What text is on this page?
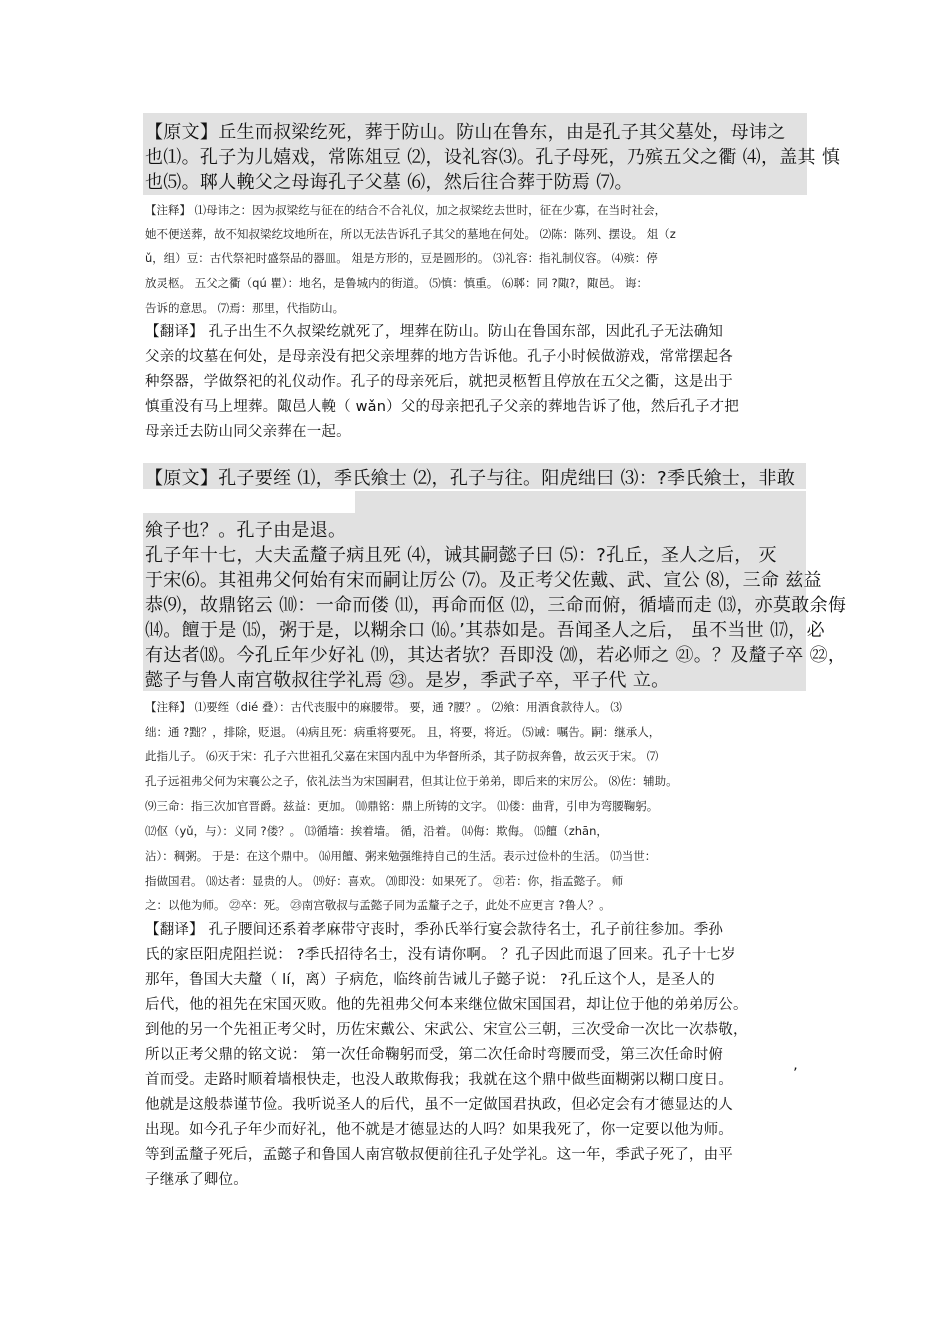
【原文】丘生而叔梁纥死，葬于防山。防山在鲁东，由是孔子其父墓处，母讳之
也⑴。孔子为儿嬉戏，常陈俎豆 ⑵，设礼容⑶。孔子母死，乃殡五父之衢 ⑷，盖其 慎
也⑸。郰人輓父之母诲孔子父墓 ⑹，然后往合葬于防焉 ⑺。
【注释】 ⑴母讳之：因为叔梁纥与征在的结合不合礼仪，加之叔梁纥去世时，征在少寡，在当时社会，
她不便送葬，故不知叔梁纥坟地所在，所以无法告诉孔子其父的墓地在何处。 ⑵陈：陈列、摆设。 俎（z
ǔ，组）豆：古代祭祀时盛祭品的器皿。 俎是方形的，豆是圆形的。 ⑶礼容：指礼制仪容。 ⑷殡：停
放灵柩。 五父之衢（qú 瞿）：地名，是鲁城内的街道。 ⑸慎：慎重。 ⑹郰：同 ?陬?，陬邑。 诲：
告诉的意思。 ⑺焉：那里，代指防山。
【翻译】 孔子出生不久叔梁纥就死了，埋葬在防山。防山在鲁国东部，因此孔子无法确知
父亲的坟墓在何处，是母亲没有把父亲埋葬的地方告诉他。孔子小时候做游戏，常常摆起各
种祭器，学做祭祀的礼仪动作。孔子的母亲死后，就把灵柩暂且停放在五父之衢，这是出于
慎重没有马上埋葬。陬邑人輓（ wǎn）父的母亲把孔子父亲的葬地告诉了他，然后孔子才把
母亲迁去防山同父亲葬在一起。
【原文】孔子要绖 ⑴，季氏飨士 ⑵，孔子与往。阳虎绌曰 ⑶：?季氏飨士，非敢
飨子也？。孔子由是退。
孔子年十七，大夫孟釐子病且死 ⑷，诫其嗣懿子曰 ⑸：?孔丘，圣人之后， 灭
于宋⑹。其祖弗父何始有宋而嗣让厉公 ⑺。及正考父佐戴、武、宣公 ⑻，三命 兹益
恭⑼，故鼎铭云 ⑽：一命而偻 ⑾，再命而伛 ⑿，三命而俯，循墙而走 ⒀，亦莫敢余侮
⒁。饘于是 ⒂，粥于是，以糊余口 ⒃。’其恭如是。吾闻圣人之后， 虽不当世 ⒄，必
有达者⒅。今孔丘年少好礼 ⒆，其达者欤？吾即没 ⒇，若必师之 ㉑。？及釐子卒 ㉒，
懿子与鲁人南宫敬叔往学礼焉 ㉓。是岁，季武子卒，平子代 立。
【注释】 ⑴要绖（dié 叠）：古代丧服中的麻腰带。 要，通 ?腰？。 ⑵飨：用酒食款待人。 ⑶
绌：通 ?黜？，排除，贬退。 ⑷病且死：病重将要死。 且，将要，将近。 ⑸诫：嘱告。嗣：继承人，
此指儿子。 ⑹灭于宋：孔子六世祖孔父嘉在宋国内乱中为华督所杀，其子防叔奔鲁，故云灭于宋。 ⑺
孔子远祖弗父何为宋襄公之子，依礼法当为宋国嗣君，但其让位于弟弟，即后来的宋厉公。 ⑻佐：辅助。
⑼三命：指三次加官晋爵。兹益：更加。 ⑽鼎铭：鼎上所铸的文字。 ⑾偻：曲背，引申为弯腰鞠躬。
⑿伛（yǔ，与）：义同 ?偻？。 ⒀循墙：挨着墙。 循，沿着。 ⒁侮：欺侮。 ⒂饘（zhān，
沾）：稠粥。 于是：在这个鼎中。 ⒃用饘、粥来勉强维持自己的生活。表示过俭朴的生活。 ⒄当世：
指做国君。 ⒅达者：显贵的人。 ⒆好：喜欢。 ⒇即没：如果死了。 ㉑若：你，指孟懿子。 师
之：以他为师。 ㉒卒：死。 ㉓南宫敬叔与孟懿子同为孟釐子之子，此处不应更言 ?鲁人？。
【翻译】 孔子腰间还系着孝麻带守丧时，季孙氏举行宴会款待名士，孔子前往参加。季孙
氏的家臣阳虎阻拦说： ?季氏招待名士，没有请你啊。 ？孔子因此而退了回来。孔子十七岁
那年，鲁国大夫釐（ lí，离）子病危，临终前告诫儿子懿子说： ?孔丘这个人，是圣人的
后代，他的祖先在宋国灭败。他的先祖弗父何本来继位做宋国国君，却让位于他的弟弟厉公。
到他的另一个先祖正考父时，历佐宋戴公、宋武公、宋宣公三朝，三次受命一次比一次恭敬，
所以正考父鼎的铭文说： 第一次任命鞠躬而受，第二次任命时弯腰而受，第三次任命时俯
首而受。走路时顺着墙根快走，也没人敢欺侮我；我就在这个鼎中做些面糊粥以糊口度日。
他就是这般恭谨节俭。我听说圣人的后代，虽不一定做国君执政，但必定会有才德显达的人
出现。如今孔子年少而好礼，他不就是才德显达的人吗？如果我死了，你一定要以他为师。
等到孟釐子死后，孟懿子和鲁国人南宫敬叔便前往孔子处学礼。这一年，季武子死了，由平
子继承了卿位。
’
